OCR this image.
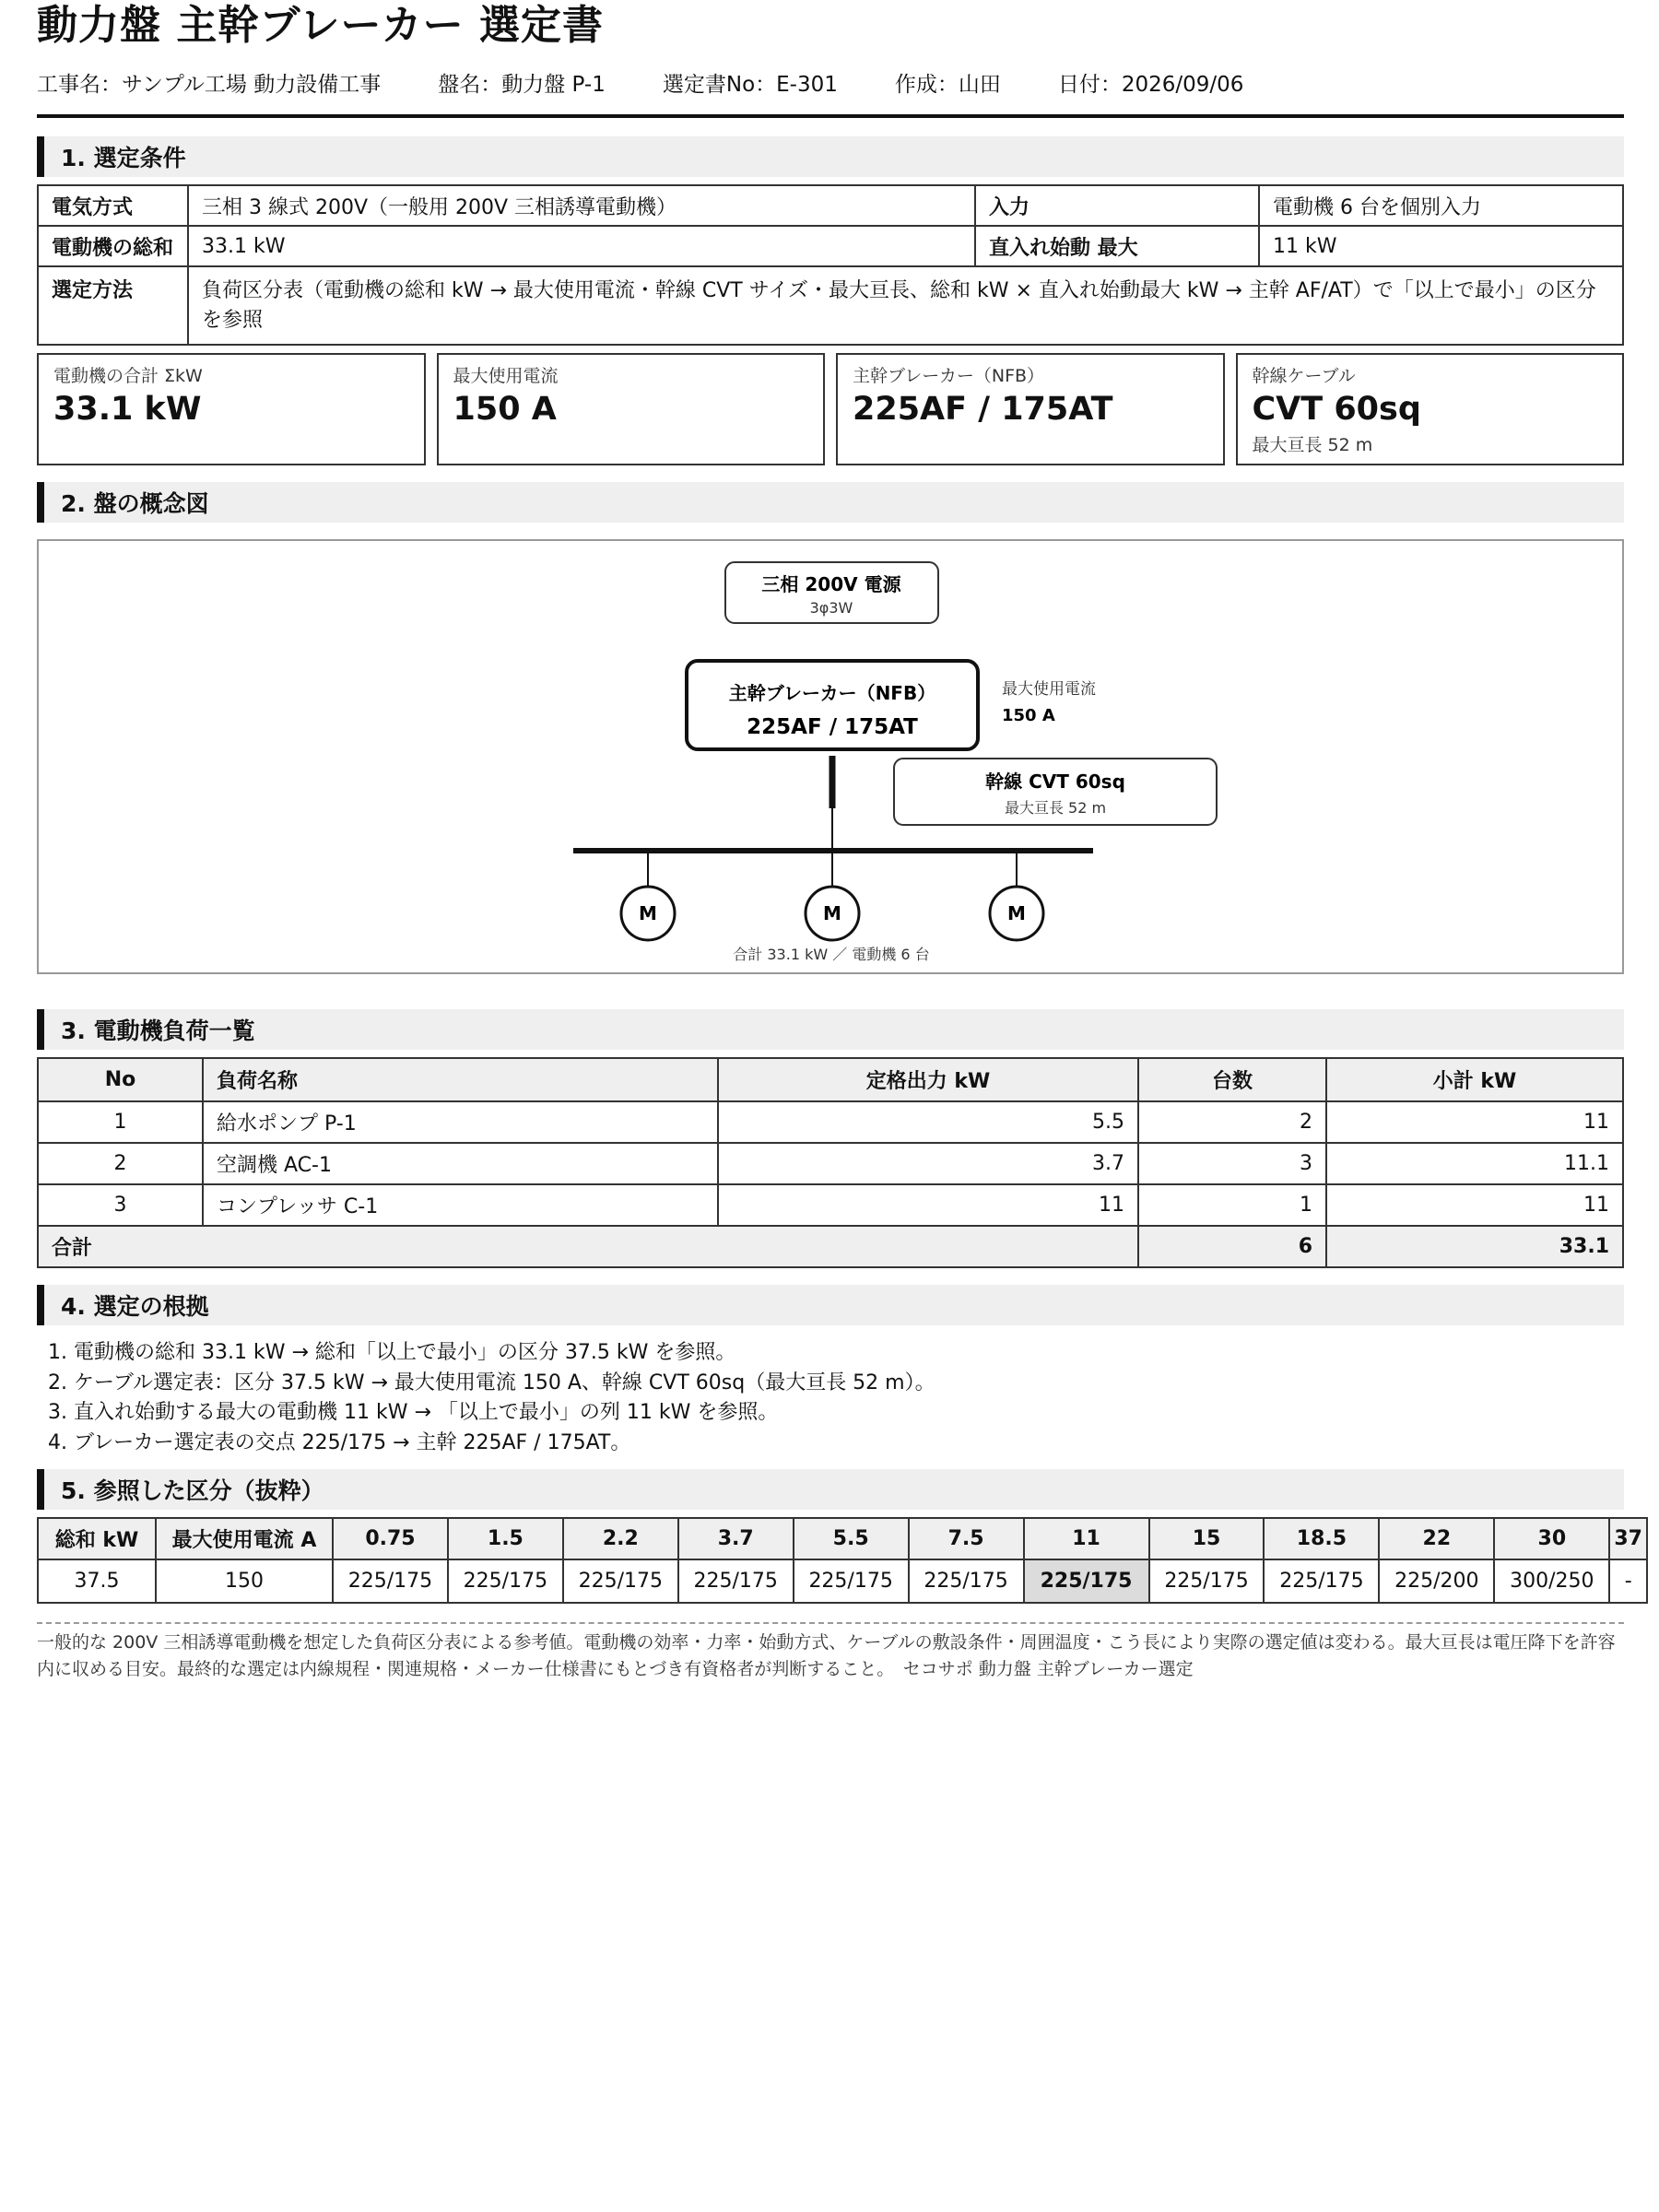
動力盤 主幹ブレーカー 選定書
工事名：サンプル工場 動力設備工事	盤名：動力盤 P-1	選定書No：E-301	作成：山田	日付：2026/09/06
1. 選定条件
電気方式	三相 3 線式 200V（一般用 200V 三相誘導電動機）	入力	電動機 6 台を個別入力
電動機の総和	33.1 kW	直入れ始動 最大	11 kW
選定方法	負荷区分表（電動機の総和 kW → 最大使用電流・幹線 CVT サイズ・最大亘長、総和 kW × 直入れ始動最大 kW → 主幹 AF/AT）で「以上で最小」の区分を参照		
電動機の合計 ΣkW
33.1 kW
最大使用電流
150 A
主幹ブレーカー（NFB）
225AF / 175AT
幹線ケーブル
CVT 60sq
最大亘長 52 m
2. 盤の概念図
三相 200V 電源
3φ3W
主幹ブレーカー（NFB）
225AF / 175AT
最大使用電流
150 A
幹線 CVT 60sq
最大亘長 52 m
M	M	M
合計 33.1 kW ／ 電動機 6 台
3. 電動機負荷一覧
No	負荷名称	定格出力 kW	台数	小計 kW
1	給水ポンプ P-1	5.5	2	11
2	空調機 AC-1	3.7	3	11.1
3	コンプレッサ C-1	11	1	11
合計			6	33.1
4. 選定の根拠
1. 電動機の総和 33.1 kW → 総和「以上で最小」の区分 37.5 kW を参照。
2. ケーブル選定表：区分 37.5 kW → 最大使用電流 150 A、幹線 CVT 60sq（最大亘長 52 m）。
3. 直入れ始動する最大の電動機 11 kW → 「以上で最小」の列 11 kW を参照。
4. ブレーカー選定表の交点 225/175 → 主幹 225AF / 175AT。
5. 参照した区分（抜粋）
総和 kW	最大使用電流 A	0.75	1.5	2.2	3.7	5.5	7.5	11	15	18.5	22	30	37
37.5	150	225/175	225/175	225/175	225/175	225/175	225/175	225/175	225/175	225/175	225/200	300/250	-
一般的な 200V 三相誘導電動機を想定した負荷区分表による参考値。電動機の効率・力率・始動方式、ケーブルの敷設条件・周囲温度・こう長により実際の選定値は変わる。最大亘長は電圧降下を許容内に収める目安。最終的な選定は内線規程・関連規格・メーカー仕様書にもとづき有資格者が判断すること。　セコサポ 動力盤 主幹ブレーカー選定
